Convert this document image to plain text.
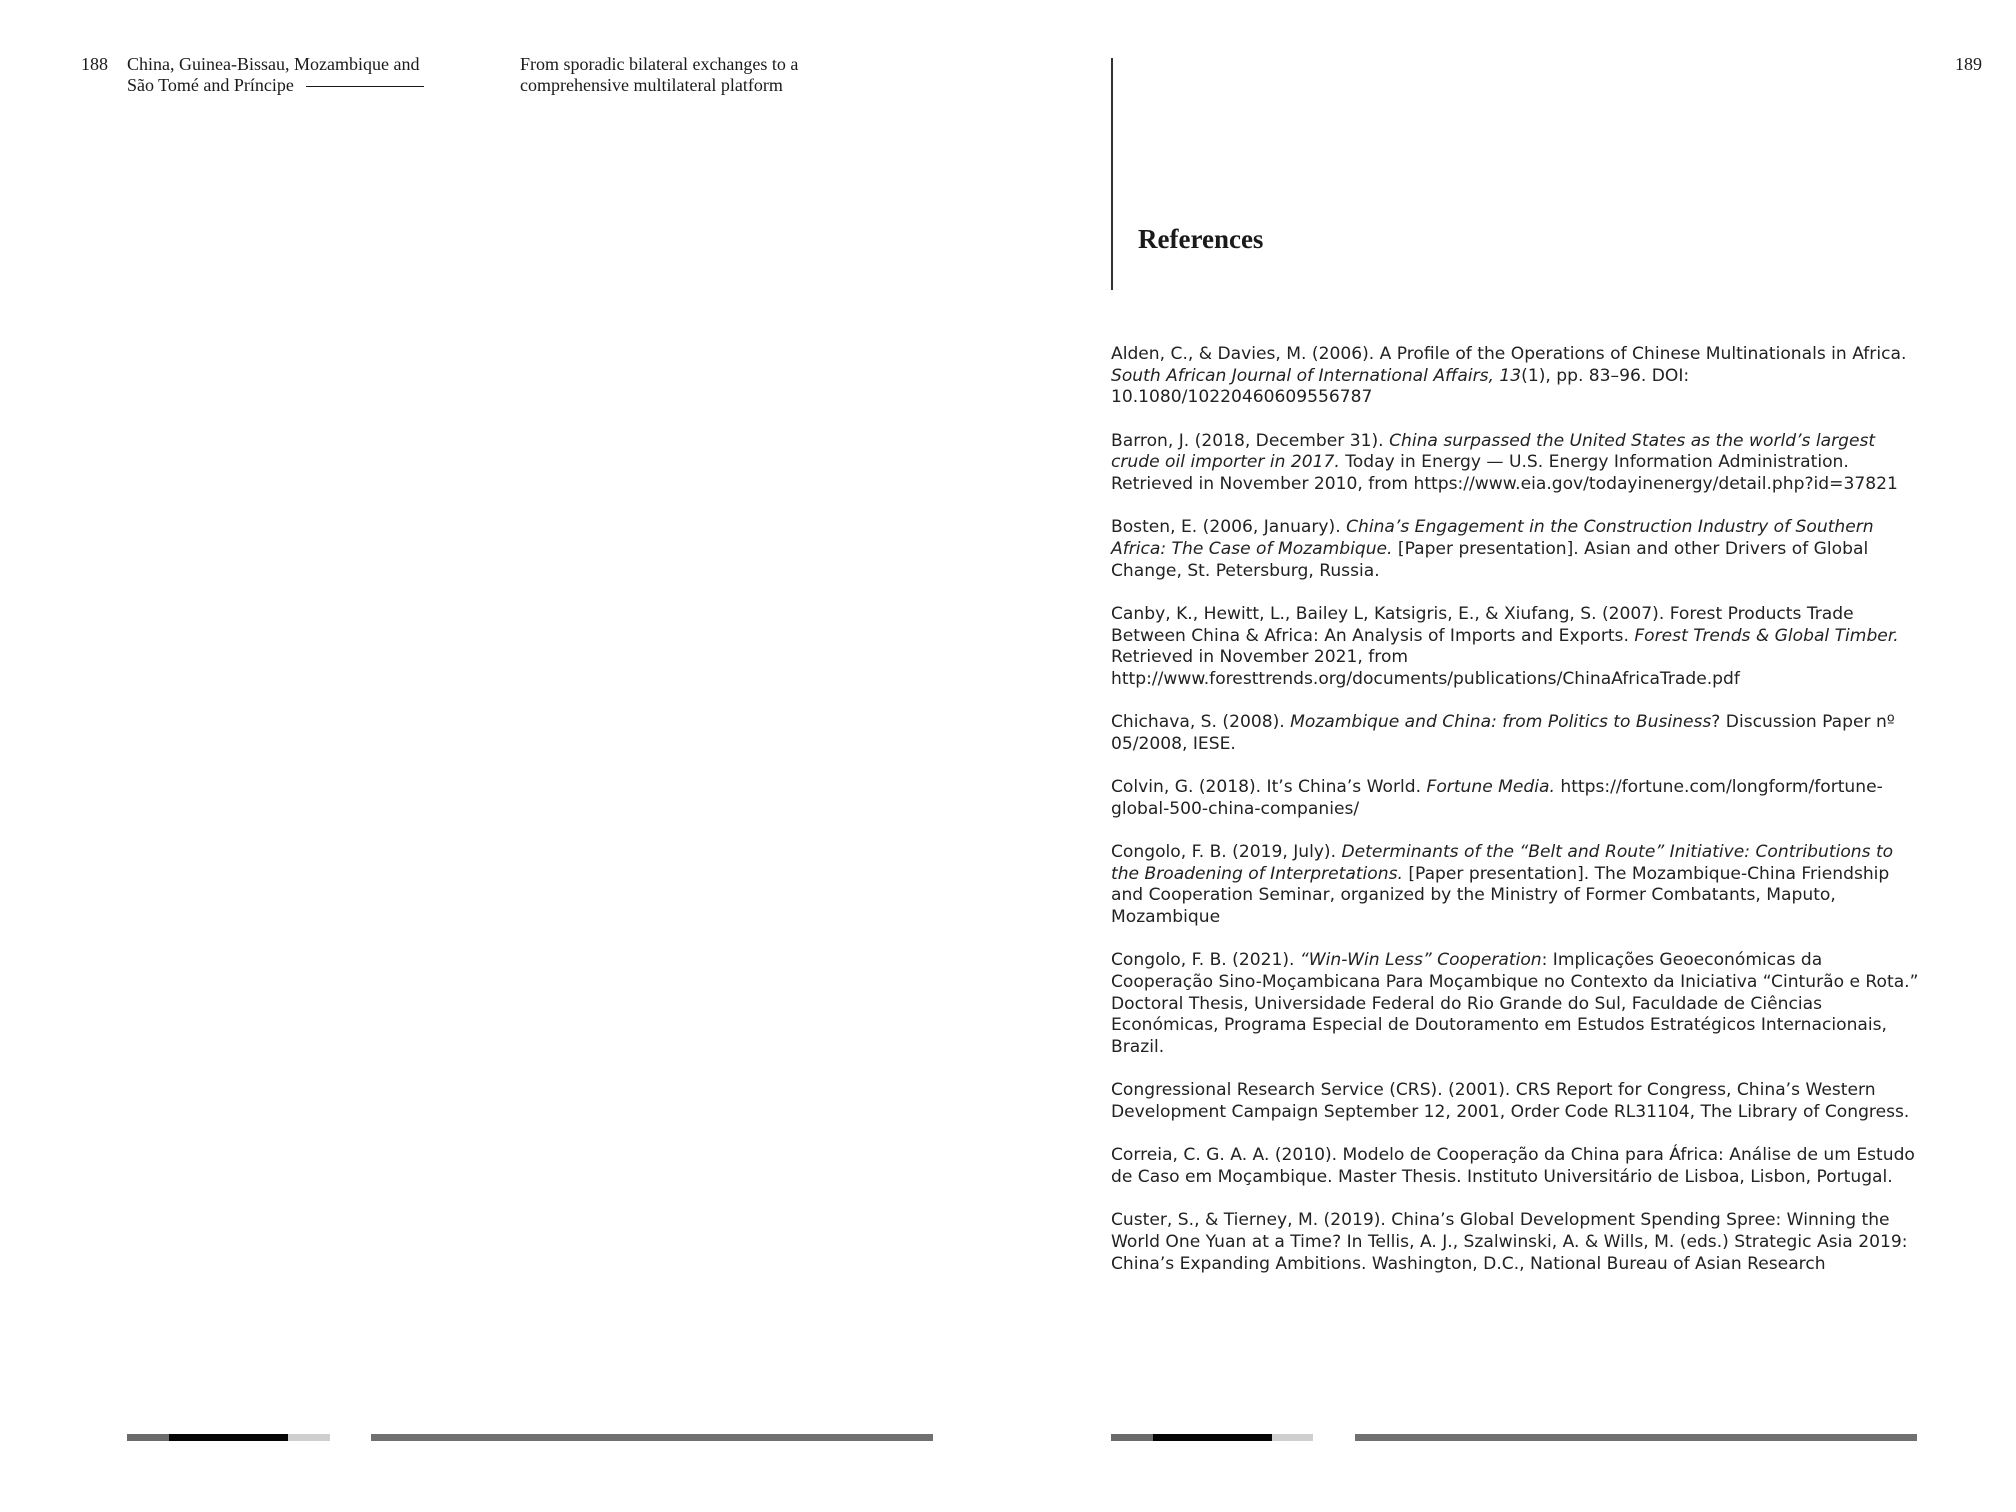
188 China, Guinea-Bissau, Mozambique and
São Tomé and Príncipe
From sporadic bilateral exchanges to a
comprehensive multilateral platform
189
References
Alden, C., & Davies, M. (2006). A Profile of the Operations of Chinese Multinationals in Africa. South African Journal of International Affairs, 13(1), pp. 83–96. DOI: 10.1080/10220460609556787
Barron, J. (2018, December 31). China surpassed the United States as the world’s largest crude oil importer in 2017. Today in Energy — U.S. Energy Information Administration. Retrieved in November 2010, from https://www.eia.gov/todayinenergy/detail.php?id=37821
Bosten, E. (2006, January). China’s Engagement in the Construction Industry of Southern Africa: The Case of Mozambique. [Paper presentation]. Asian and other Drivers of Global Change, St. Petersburg, Russia.
Canby, K., Hewitt, L., Bailey L, Katsigris, E., & Xiufang, S. (2007). Forest Products Trade Between China & Africa: An Analysis of Imports and Exports. Forest Trends & Global Timber. Retrieved in November 2021, from http://www.foresttrends.org/documents/publications/ChinaAfricaTrade.pdf
Chichava, S. (2008). Mozambique and China: from Politics to Business? Discussion Paper nº 05/2008, IESE.
Colvin, G. (2018). It’s China’s World. Fortune Media. https://fortune.com/longform/fortune-global-500-china-companies/
Congolo, F. B. (2019, July). Determinants of the “Belt and Route” Initiative: Contributions to the Broadening of Interpretations. [Paper presentation]. The Mozambique-China Friendship and Cooperation Seminar, organized by the Ministry of Former Combatants, Maputo, Mozambique
Congolo, F. B. (2021). “Win-Win Less” Cooperation: Implicações Geoeconómicas da Cooperação Sino-Moçambicana Para Moçambique no Contexto da Iniciativa “Cinturão e Rota.” Doctoral Thesis, Universidade Federal do Rio Grande do Sul, Faculdade de Ciências Económicas, Programa Especial de Doutoramento em Estudos Estratégicos Internacionais, Brazil.
Congressional Research Service (CRS). (2001). CRS Report for Congress, China’s Western Development Campaign September 12, 2001, Order Code RL31104, The Library of Congress.
Correia, C. G. A. A. (2010). Modelo de Cooperação da China para África: Análise de um Estudo de Caso em Moçambique. Master Thesis. Instituto Universitário de Lisboa, Lisbon, Portugal.
Custer, S., & Tierney, M. (2019). China’s Global Development Spending Spree: Winning the World One Yuan at a Time? In Tellis, A. J., Szalwinski, A. & Wills, M. (eds.) Strategic Asia 2019: China’s Expanding Ambitions. Washington, D.C., National Bureau of Asian Research
